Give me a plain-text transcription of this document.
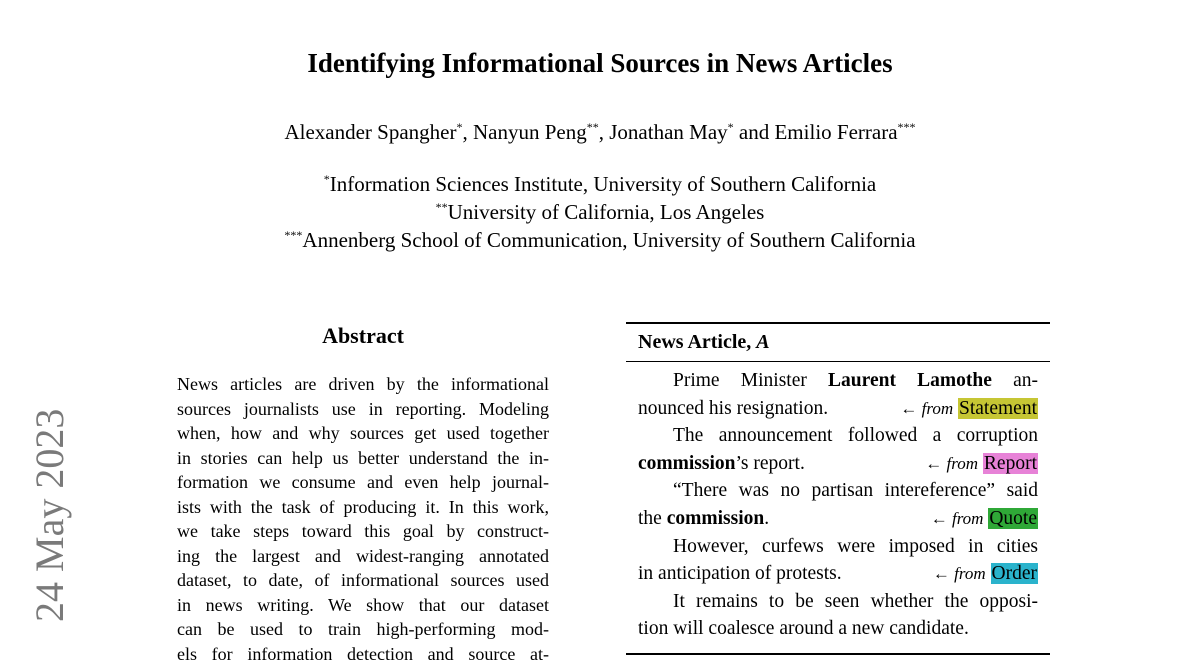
Identifying Informational Sources in News Articles
Alexander Spangher*, Nanyun Peng**, Jonathan May* and Emilio Ferrara***
*Information Sciences Institute, University of Southern California
**University of California, Los Angeles
***Annenberg School of Communication, University of Southern California
24 May 2023
Abstract
News articles are driven by the informational
sources journalists use in reporting. Modeling
when, how and why sources get used together
in stories can help us better understand the in-
formation we consume and even help journal-
ists with the task of producing it. In this work,
we take steps toward this goal by construct-
ing the largest and widest-ranging annotated
dataset, to date, of informational sources used
in news writing. We show that our dataset
can be used to train high-performing mod-
els for information detection and source at-
News Article, A
Prime Minister Laurent Lamothe an-
nounced his resignation.	← from Statement
The announcement followed a corruption
commission’s report.	← from Report
“There was no partisan intereference” said
the commission.	← from Quote
However, curfews were imposed in cities
in anticipation of protests.	← from Order
It remains to be seen whether the opposi-
tion will coalesce around a new candidate.
